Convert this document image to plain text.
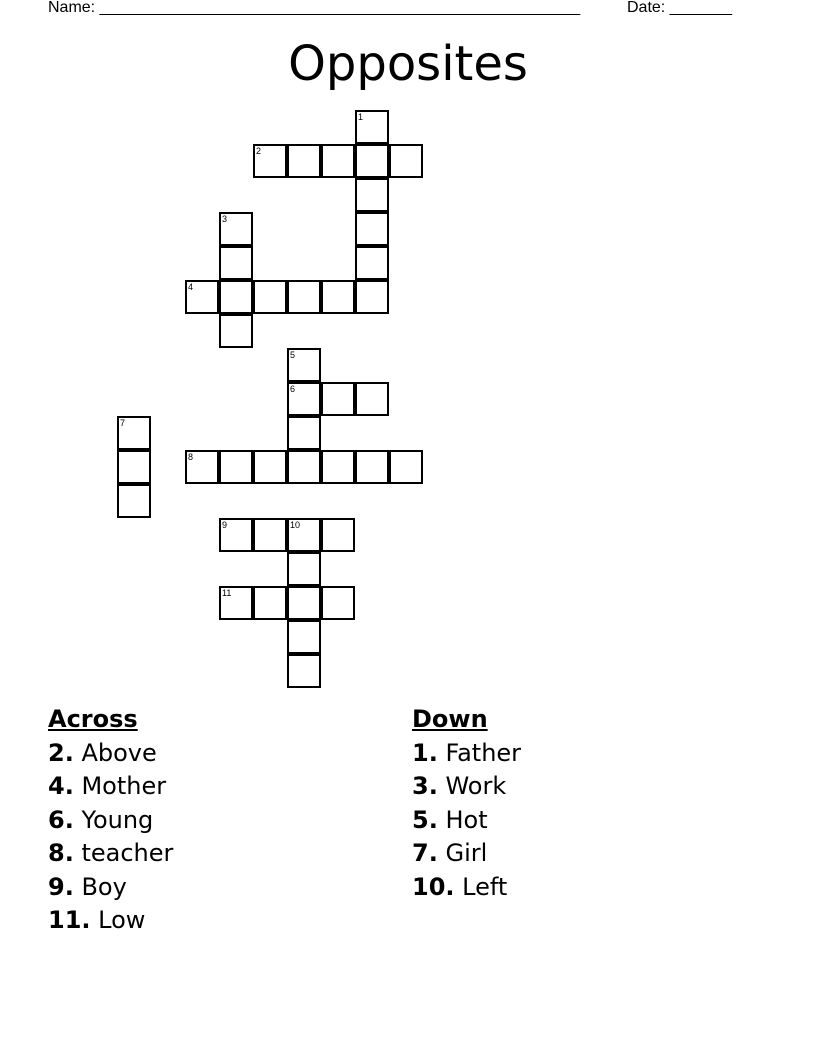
Name: ______________________________________________________	Date: _______
Opposites
1
2
3
4
5
6
7
8
9	10
11
Across
2. Above
4. Mother
6. Young
8. teacher
9. Boy
11. Low
Down
1. Father
3. Work
5. Hot
7. Girl
10. Left
